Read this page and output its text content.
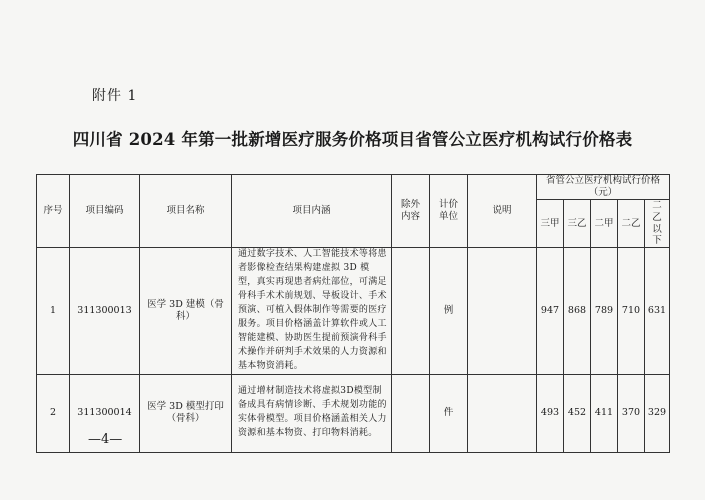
附件 1
四川省 2024 年第一批新增医疗服务价格项目省管公立医疗机构试行价格表
序号	项目编码	项目名称	项目内涵	除外内容	计价单位	说明	省管公立医疗机构试行价格（元）				
							三甲	三乙	二甲	二乙	二乙以下
1	311300013	医学 3D 建模（骨科）	通过数字技术、人工智能技术等将患者影像检查结果构建虚拟 3D 模型，真实再现患者病灶部位，可满足骨科手术术前规划、导板设计、手术预演、可植入假体制作等需要的医疗服务。项目价格涵盖计算软件或人工智能建模、协助医生提前预演骨科手术操作并研判手术效果的人力资源和基本物资消耗。		例		947	868	789	710	631
2	311300014	医学 3D 模型打印（骨科）	通过增材制造技术将虚拟3D模型制备成具有病情诊断、手术规划功能的实体骨模型。项目价格涵盖相关人力资源和基本物资、打印物料消耗。		件		493	452	411	370	329
—4—
